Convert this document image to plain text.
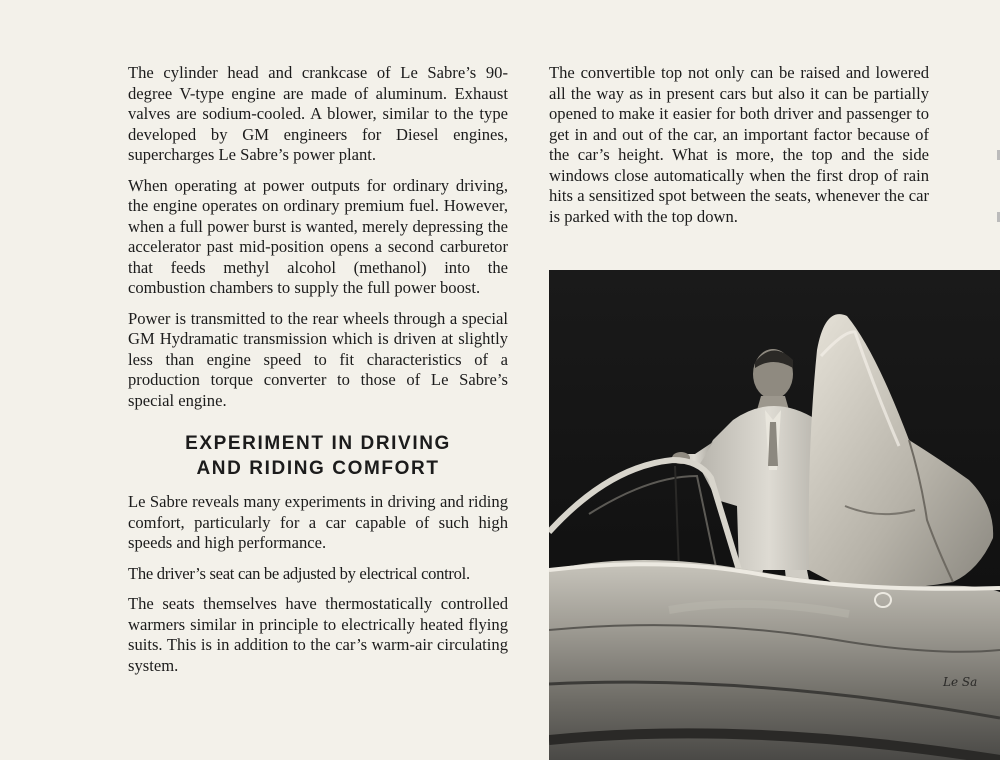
The cylinder head and crankcase of Le Sabre’s 90-degree V-type engine are made of aluminum. Exhaust valves are sodium-cooled. A blower, similar to the type developed by GM engineers for Diesel engines, supercharges Le Sabre’s power plant.

When operating at power outputs for ordinary driving, the engine operates on ordinary premium fuel. However, when a full power burst is wanted, merely depressing the accelerator past mid-position opens a second carburetor that feeds methyl alcohol (methanol) into the combustion chambers to supply the full power boost.

Power is transmitted to the rear wheels through a special GM Hydramatic transmission which is driven at slightly less than engine speed to fit characteristics of a production torque converter to those of Le Sabre’s special engine.

EXPERIMENT IN DRIVING
AND RIDING COMFORT

Le Sabre reveals many experiments in driving and riding comfort, particularly for a car capable of such high speeds and high performance.

The driver’s seat can be adjusted by electrical control.

The seats themselves have thermostatically controlled warmers similar in principle to electrically heated flying suits. This is in addition to the car’s warm-air circulating system.

The convertible top not only can be raised and lowered all the way as in present cars but also it can be partially opened to make it easier for both driver and passenger to get in and out of the car, an important factor because of the car’s height. What is more, the top and the side windows close automatically when the first drop of rain hits a sensitized spot between the seats, whenever the car is parked with the top down.

Le Sa
